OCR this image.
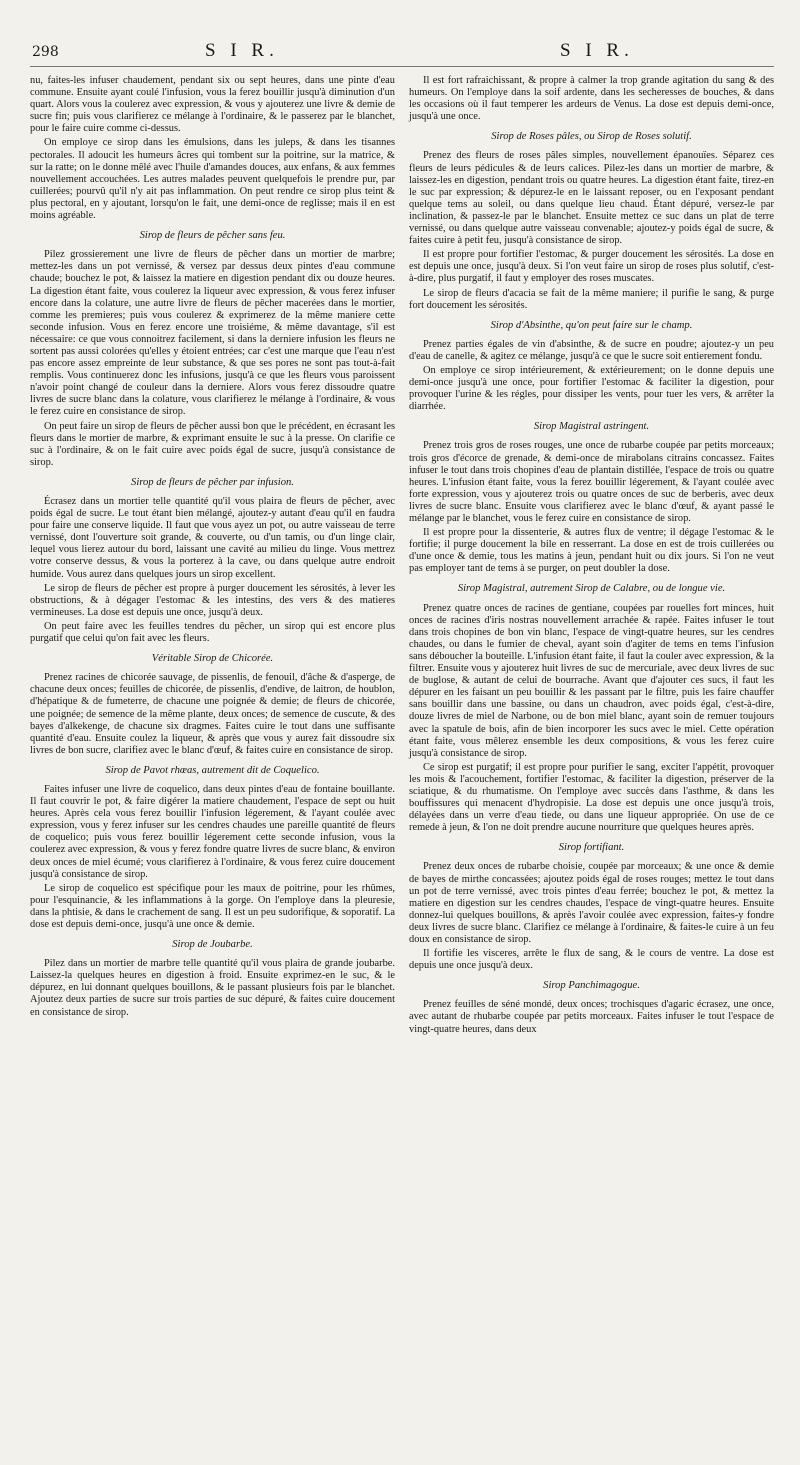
298	S I R.	S I R.

nu, faites-les infuser chaudement, pendant six ou sept heures, dans une pinte d'eau commune. Ensuite ayant coulé l'infusion, vous la ferez bouillir jusqu'à diminution d'un quart. Alors vous la coulerez avec expression, & vous y ajouterez une livre & demie de sucre fin; puis vous clarifierez ce mélange à l'ordinaire, & le passerez par le blanchet, pour le faire cuire comme ci-dessus.

On employe ce sirop dans les émulsions, dans les juleps, & dans les tisannes pectorales. Il adoucit les humeurs âcres qui tombent sur la poitrine, sur la matrice, & sur la ratte; on le donne mêlé avec l'huile d'amandes douces, aux enfans, & aux femmes nouvellement accouchées. Les autres malades peuvent quelquefois le prendre pur, par cuillerées; pourvû qu'il n'y ait pas inflammation. On peut rendre ce sirop plus teint & plus pectoral, en y ajoutant, lorsqu'on le fait, une demi-once de reglisse; mais il en est moins agréable.

Sirop de fleurs de pêcher sans feu.

Pilez grossierement une livre de fleurs de pêcher dans un mortier de marbre; mettez-les dans un pot vernissé, & versez par dessus deux pintes d'eau commune chaude; bouchez le pot, & laissez la matiere en digestion pendant dix ou douze heures. La digestion étant faite, vous coulerez la liqueur avec expression, & vous ferez infuser encore dans la colature, une autre livre de fleurs de pêcher macerées dans le mortier, comme les premieres; puis vous coulerez & exprimerez de la même maniere cette seconde infusion. Vous en ferez encore une troisiéme, & même davantage, s'il est nécessaire: ce que vous connoitrez facilement, si dans la derniere infusion les fleurs ne sortent pas aussi colorées qu'elles y étoient entrées; car c'est une marque que l'eau n'est pas encore assez empreinte de leur substance, & que ses pores ne sont pas tout-à-fait remplis. Vous continuerez donc les infusions, jusqu'à ce que les fleurs vous paroissent n'avoir point changé de couleur dans la derniere. Alors vous ferez dissoudre quatre livres de sucre blanc dans la colature, vous clarifierez le mélange à l'ordinaire, & vous le ferez cuire en consistance de sirop.

On peut faire un sirop de fleurs de pêcher aussi bon que le précédent, en écrasant les fleurs dans le mortier de marbre, & exprimant ensuite le suc à la presse. On clarifie ce suc à l'ordinaire, & on le fait cuire avec poids égal de sucre, jusqu'à consistance de sirop.

Sirop de fleurs de pêcher par infusion.

Écrasez dans un mortier telle quantité qu'il vous plaira de fleurs de pêcher, avec poids égal de sucre. Le tout étant bien mélangé, ajoutez-y autant d'eau qu'il en faudra pour faire une conserve liquide. Il faut que vous ayez un pot, ou autre vaisseau de terre vernissé, dont l'ouverture soit grande, & couverte, ou d'un tamis, ou d'un linge clair, lequel vous lierez autour du bord, laissant une cavité au milieu du linge. Vous mettrez votre conserve dessus, & vous la porterez à la cave, ou dans quelque autre endroit humide. Vous aurez dans quelques jours un sirop excellent.

Le sirop de fleurs de pêcher est propre à purger doucement les sérosités, à lever les obstructions, & à dégager l'estomac & les intestins, des vers & des matieres vermineuses. La dose est depuis une once, jusqu'à deux.

On peut faire avec les feuilles tendres du pêcher, un sirop qui est encore plus purgatif que celui qu'on fait avec les fleurs.

Véritable Sirop de Chicorée.

Prenez racines de chicorée sauvage, de pissenlis, de fenouil, d'âche & d'asperge, de chacune deux onces; feuilles de chicorée, de pissenlis, d'endive, de laitron, de houblon, d'hépatique & de fumeterre, de chacune une poignée & demie; de fleurs de chicorée, une poignée; de semence de la même plante, deux onces; de semence de cuscute, & des bayes d'alkekenge, de chacune six dragmes. Faites cuire le tout dans une suffisante quantité d'eau. Ensuite coulez la liqueur, & après que vous y aurez fait dissoudre six livres de bon sucre, clarifiez avec le blanc d'œuf, & faites cuire en consistance de sirop.

Sirop de Pavot rhœas, autrement dit de Coquelico.

Faites infuser une livre de coquelico, dans deux pintes d'eau de fontaine bouillante. Il faut couvrir le pot, & faire digérer la matiere chaudement, l'espace de sept ou huit heures. Après cela vous ferez bouillir l'infusion légerement, & l'ayant coulée avec expression, vous y ferez infuser sur les cendres chaudes une pareille quantité de fleurs de coquelico; puis vous ferez bouillir légerement cette seconde infusion, vous la coulerez avec expression, & vous y ferez fondre quatre livres de sucre blanc, & environ deux onces de miel écumé; vous clarifierez à l'ordinaire, & vous ferez cuire doucement jusqu'à consistance de sirop.

Le sirop de coquelico est spécifique pour les maux de poitrine, pour les rhûmes, pour l'esquinancie, & les inflammations à la gorge. On l'employe dans la pleuresie, dans la phtisie, & dans le crachement de sang. Il est un peu sudorifique, & soporatif. La dose est depuis demi-once, jusqu'à une once & demie.

Sirop de Joubarbe.

Pilez dans un mortier de marbre telle quantité qu'il vous plaira de grande joubarbe. Laissez-la quelques heures en digestion à froid. Ensuite exprimez-en le suc, & le dépurez, en lui donnant quelques bouillons, & le passant plusieurs fois par le blanchet. Ajoutez deux parties de sucre sur trois parties de suc dépuré, & faites cuire doucement en consistance de sirop.

Il est fort rafraichissant, & propre à calmer la trop grande agitation du sang & des humeurs. On l'employe dans la soif ardente, dans les secheresses de bouches, & dans les occasions où il faut temperer les ardeurs de Venus. La dose est depuis demi-once, jusqu'à une once.

Sirop de Roses pâles, ou Sirop de Roses solutif.

Prenez des fleurs de roses pâles simples, nouvellement épanouïes. Séparez ces fleurs de leurs pédicules & de leurs calices. Pilez-les dans un mortier de marbre, & laissez-les en digestion, pendant trois ou quatre heures. La digestion étant faite, tirez-en le suc par expression; & dépurez-le en le laissant reposer, ou en l'exposant pendant quelque tems au soleil, ou dans quelque lieu chaud. Étant dépuré, versez-le par inclination, & passez-le par le blanchet. Ensuite mettez ce suc dans un plat de terre vernissé, ou dans quelque autre vaisseau convenable; ajoutez-y poids égal de sucre, & faites cuire à petit feu, jusqu'à consistance de sirop.

Il est propre pour fortifier l'estomac, & purger doucement les sérosités. La dose en est depuis une once, jusqu'à deux. Si l'on veut faire un sirop de roses plus solutif, c'est-à-dire, plus purgatif, il faut y employer des roses muscates.

Le sirop de fleurs d'acacia se fait de la même maniere; il purifie le sang, & purge fort doucement les sérosités.

Sirop d'Absinthe, qu'on peut faire sur le champ.

Prenez parties égales de vin d'absinthe, & de sucre en poudre; ajoutez-y un peu d'eau de canelle, & agitez ce mélange, jusqu'à ce que le sucre soit entierement fondu.

On employe ce sirop intérieurement, & extérieurement; on le donne depuis une demi-once jusqu'à une once, pour fortifier l'estomac & faciliter la digestion, pour provoquer l'urine & les régles, pour dissiper les vents, pour tuer les vers, & arrêter la diarrhée.

Sirop Magistral astringent.

Prenez trois gros de roses rouges, une once de rubarbe coupée par petits morceaux; trois gros d'écorce de grenade, & demi-once de mirabolans citrains concassez. Faites infuser le tout dans trois chopines d'eau de plantain distillée, l'espace de trois ou quatre heures. L'infusion étant faite, vous la ferez bouillir légerement, & l'ayant coulée avec forte expression, vous y ajouterez trois ou quatre onces de suc de berberis, avec deux livres de sucre blanc. Ensuite vous clarifierez avec le blanc d'œuf, & ayant passé le mélange par le blanchet, vous le ferez cuire en consistance de sirop.

Il est propre pour la dissenterie, & autres flux de ventre; il dégage l'estomac & le fortifie; il purge doucement la bile en resserrant. La dose en est de trois cuillerées ou d'une once & demie, tous les matins à jeun, pendant huit ou dix jours. Si l'on ne veut pas employer tant de tems à se purger, on peut doubler la dose.

Sirop Magistral, autrement Sirop de Calabre, ou de longue vie.

Prenez quatre onces de racines de gentiane, coupées par rouelles fort minces, huit onces de racines d'iris nostras nouvellement arrachée & rapée. Faites infuser le tout dans trois chopines de bon vin blanc, l'espace de vingt-quatre heures, sur les cendres chaudes, ou dans le fumier de cheval, ayant soin d'agiter de tems en tems l'infusion sans déboucher la bouteille. L'infusion étant faite, il faut la couler avec expression, & la filtrer. Ensuite vous y ajouterez huit livres de suc de mercuriale, avec deux livres de suc de buglose, & autant de celui de bourrache. Avant que d'ajouter ces sucs, il faut les dépurer en les faisant un peu bouillir & les passant par le filtre, puis les faire chauffer sans bouillir dans une bassine, ou dans un chaudron, avec poids égal, c'est-à-dire, douze livres de miel de Narbone, ou de bon miel blanc, ayant soin de remuer toujours avec la spatule de bois, afin de bien incorporer les sucs avec le miel. Cette opération étant faite, vous mêlerez ensemble les deux compositions, & vous les ferez cuire jusqu'à consistance de sirop.

Ce sirop est purgatif; il est propre pour purifier le sang, exciter l'appétit, provoquer les mois & l'acouchement, fortifier l'estomac, & faciliter la digestion, préserver de la sciatique, & du rhumatisme. On l'employe avec succès dans l'asthme, & dans les bouffissures qui menacent d'hydropisie. La dose est depuis une once jusqu'à trois, délayées dans un verre d'eau tiede, ou dans une liqueur appropriée. On use de ce remede à jeun, & l'on ne doit prendre aucune nourriture que quelques heures après.

Sirop fortifiant.

Prenez deux onces de rubarbe choisie, coupée par morceaux; & une once & demie de bayes de mirthe concassées; ajoutez poids égal de roses rouges; mettez le tout dans un pot de terre vernissé, avec trois pintes d'eau ferrée; bouchez le pot, & mettez la matiere en digestion sur les cendres chaudes, l'espace de vingt-quatre heures. Ensuite donnez-lui quelques bouillons, & après l'avoir coulée avec expression, faites-y fondre deux livres de sucre blanc. Clarifiez ce mélange à l'ordinaire, & faites-le cuire à un feu doux en consistance de sirop.

Il fortifie les visceres, arrête le flux de sang, & le cours de ventre. La dose est depuis une once jusqu'à deux.

Sirop Panchimagogue.

Prenez feuilles de séné mondé, deux onces; trochisques d'agaric écrasez, une once, avec autant de rhubarbe coupée par petits morceaux. Faites infuser le tout l'espace de vingt-quatre heures, dans deux
